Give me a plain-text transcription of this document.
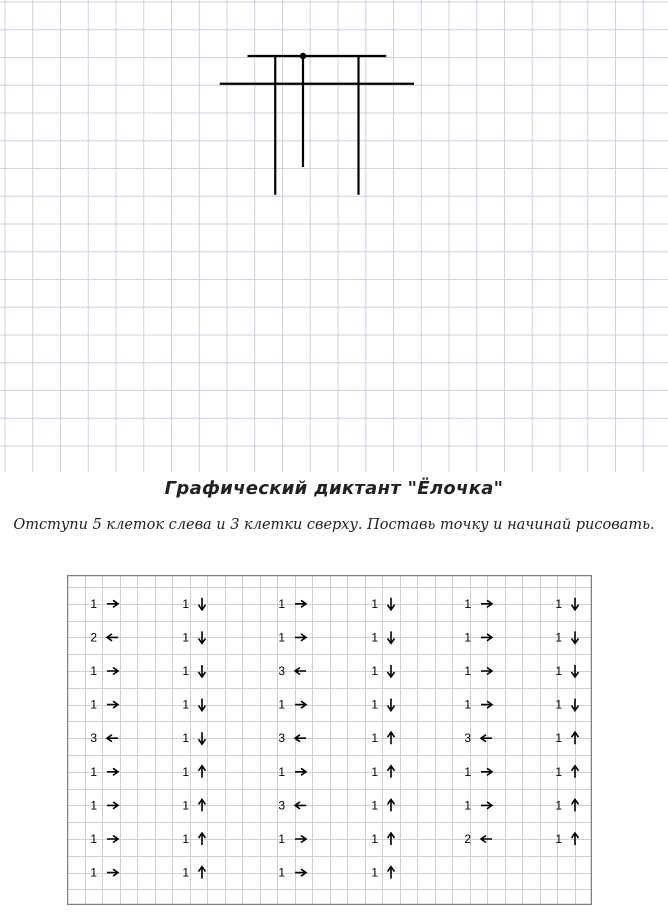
Графический диктант "Ёлочка"
Отступи 5 клеток слева и 3 клетки сверху. Поставь точку и начинай рисовать.
1
2
1
1
3
1
1
1
1
1
1
1
1
1
1
1
1
1
1
1
3
1
3
1
3
1
1
1
1
1
1
1
1
1
1
1
1
1
1
1
3
1
1
2
1
1
1
1
1
1
1
1
